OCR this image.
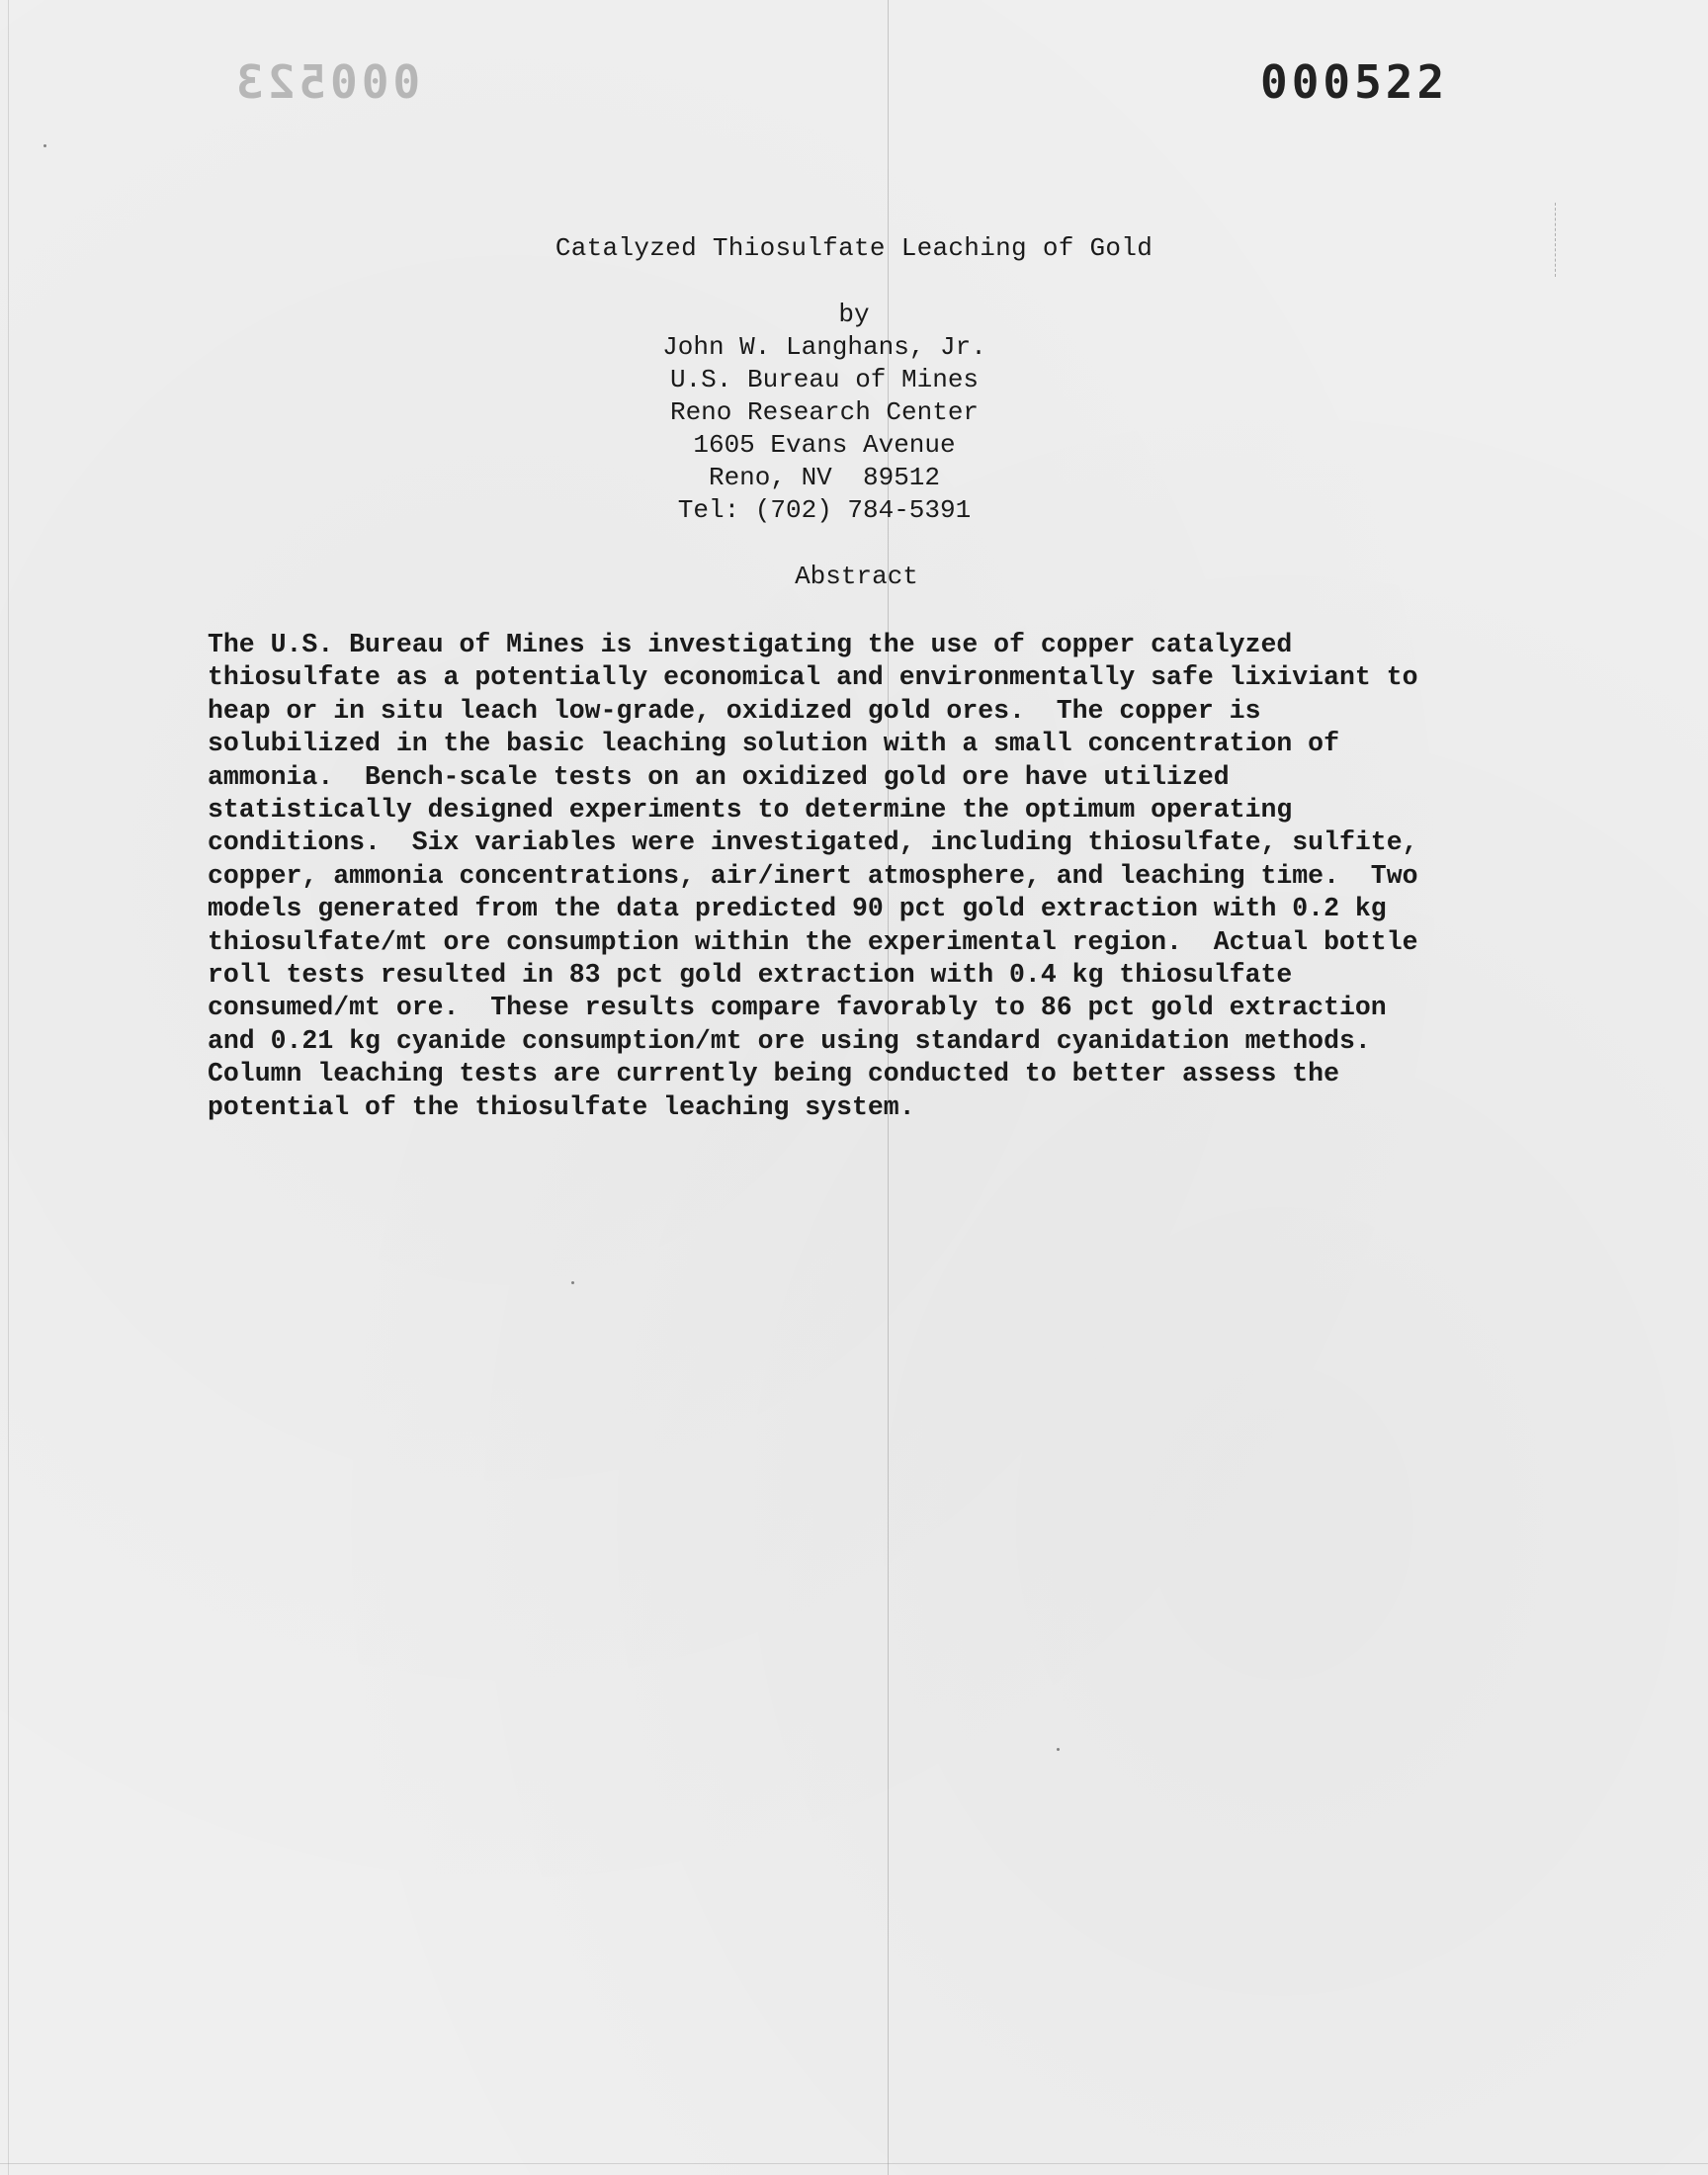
000523	000522
Catalyzed Thiosulfate Leaching of Gold
by
John W. Langhans, Jr.
U.S. Bureau of Mines
Reno Research Center
1605 Evans Avenue
Reno, NV  89512
Tel: (702) 784-5391
Abstract
The U.S. Bureau of Mines is investigating the use of copper catalyzed
thiosulfate as a potentially economical and environmentally safe lixiviant to
heap or in situ leach low-grade, oxidized gold ores.  The copper is
solubilized in the basic leaching solution with a small concentration of
ammonia.  Bench-scale tests on an oxidized gold ore have utilized
statistically designed experiments to determine the optimum operating
conditions.  Six variables were investigated, including thiosulfate, sulfite,
copper, ammonia concentrations, air/inert atmosphere, and leaching time.  Two
models generated from the data predicted 90 pct gold extraction with 0.2 kg
thiosulfate/mt ore consumption within the experimental region.  Actual bottle
roll tests resulted in 83 pct gold extraction with 0.4 kg thiosulfate
consumed/mt ore.  These results compare favorably to 86 pct gold extraction
and 0.21 kg cyanide consumption/mt ore using standard cyanidation methods.
Column leaching tests are currently being conducted to better assess the
potential of the thiosulfate leaching system.
